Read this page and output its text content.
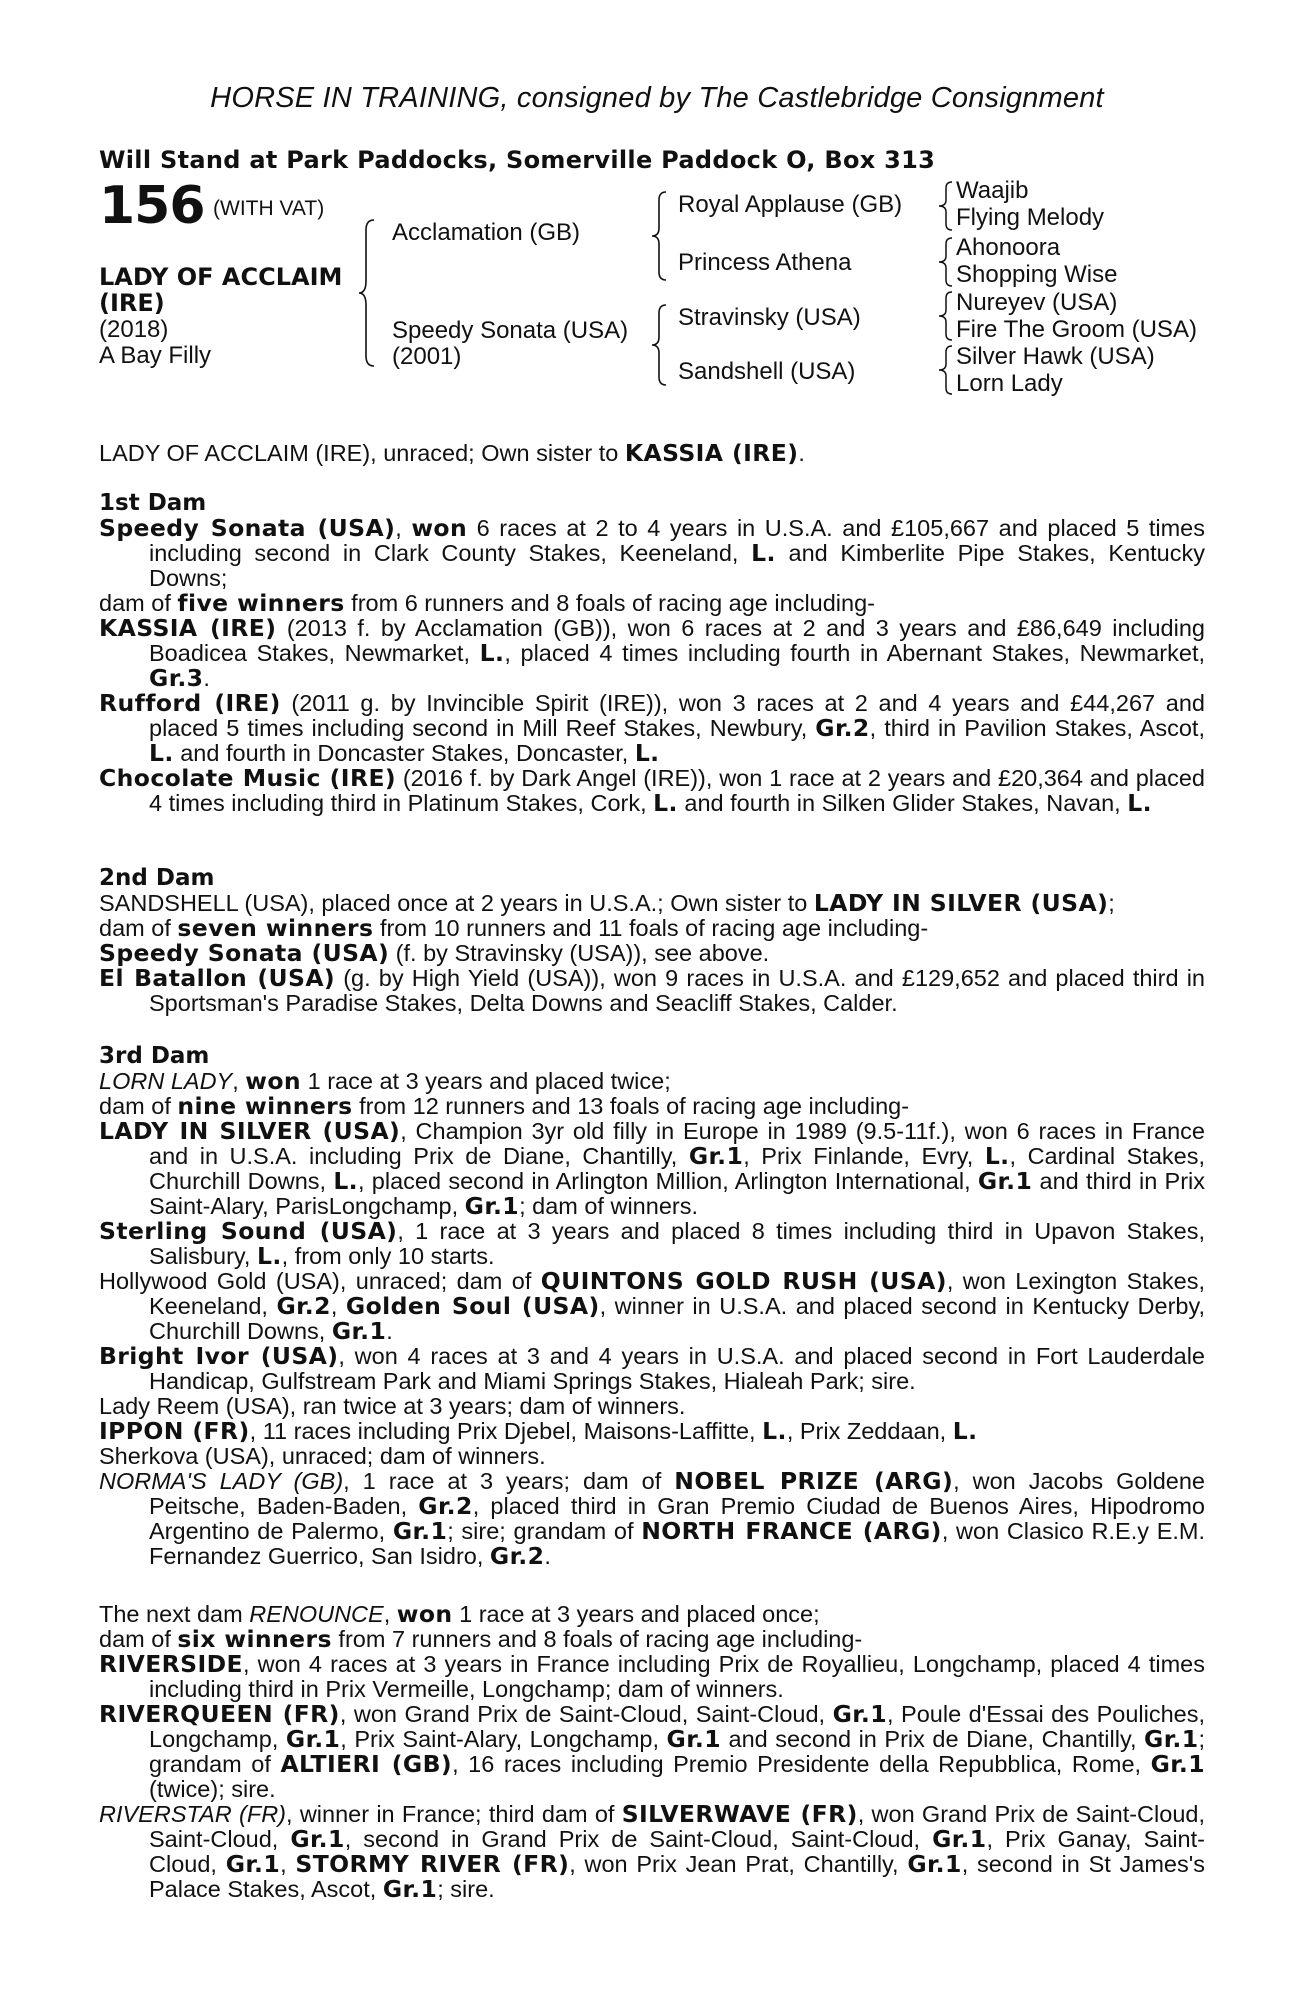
HORSE IN TRAINING, consigned by The Castlebridge Consignment
Will Stand at Park Paddocks, Somerville Paddock O, Box 313
156 (WITH VAT)
LADY OF ACCLAIM
(IRE)
(2018)
A Bay Filly
Acclamation (GB)
Speedy Sonata (USA)
(2001)
Royal Applause (GB)
Princess Athena
Stravinsky (USA)
Sandshell (USA)
Waajib
Flying Melody
Ahonoora
Shopping Wise
Nureyev (USA)
Fire The Groom (USA)
Silver Hawk (USA)
Lorn Lady

LADY OF ACCLAIM (IRE), unraced; Own sister to KASSIA (IRE).

1st Dam

Speedy Sonata (USA), won 6 races at 2 to 4 years in U.S.A. and £105,667 and placed 5 times including second in Clark County Stakes, Keeneland, L. and Kimberlite Pipe Stakes, Kentucky Downs;

dam of five winners from 6 runners and 8 foals of racing age including-

KASSIA (IRE) (2013 f. by Acclamation (GB)), won 6 races at 2 and 3 years and £86,649 including Boadicea Stakes, Newmarket, L., placed 4 times including fourth in Abernant Stakes, Newmarket, Gr.3.

Rufford (IRE) (2011 g. by Invincible Spirit (IRE)), won 3 races at 2 and 4 years and £44,267 and placed 5 times including second in Mill Reef Stakes, Newbury, Gr.2, third in Pavilion Stakes, Ascot, L. and fourth in Doncaster Stakes, Doncaster, L.

Chocolate Music (IRE) (2016 f. by Dark Angel (IRE)), won 1 race at 2 years and £20,364 and placed 4 times including third in Platinum Stakes, Cork, L. and fourth in Silken Glider Stakes, Navan, L.

2nd Dam

SANDSHELL (USA), placed once at 2 years in U.S.A.; Own sister to LADY IN SILVER (USA);

dam of seven winners from 10 runners and 11 foals of racing age including-

Speedy Sonata (USA) (f. by Stravinsky (USA)), see above.

El Batallon (USA) (g. by High Yield (USA)), won 9 races in U.S.A. and £129,652 and placed third in Sportsman's Paradise Stakes, Delta Downs and Seacliff Stakes, Calder.

3rd Dam

LORN LADY, won 1 race at 3 years and placed twice;

dam of nine winners from 12 runners and 13 foals of racing age including-

LADY IN SILVER (USA), Champion 3yr old filly in Europe in 1989 (9.5-11f.), won 6 races in France and in U.S.A. including Prix de Diane, Chantilly, Gr.1, Prix Finlande, Evry, L., Cardinal Stakes, Churchill Downs, L., placed second in Arlington Million, Arlington International, Gr.1 and third in Prix Saint-Alary, ParisLongchamp, Gr.1; dam of winners.

Sterling Sound (USA), 1 race at 3 years and placed 8 times including third in Upavon Stakes, Salisbury, L., from only 10 starts.

Hollywood Gold (USA), unraced; dam of QUINTONS GOLD RUSH (USA), won Lexington Stakes, Keeneland, Gr.2, Golden Soul (USA), winner in U.S.A. and placed second in Kentucky Derby, Churchill Downs, Gr.1.

Bright Ivor (USA), won 4 races at 3 and 4 years in U.S.A. and placed second in Fort Lauderdale Handicap, Gulfstream Park and Miami Springs Stakes, Hialeah Park; sire.

Lady Reem (USA), ran twice at 3 years; dam of winners.

IPPON (FR), 11 races including Prix Djebel, Maisons-Laffitte, L., Prix Zeddaan, L.

Sherkova (USA), unraced; dam of winners.

NORMA'S LADY (GB), 1 race at 3 years; dam of NOBEL PRIZE (ARG), won Jacobs Goldene Peitsche, Baden-Baden, Gr.2, placed third in Gran Premio Ciudad de Buenos Aires, Hipodromo Argentino de Palermo, Gr.1; sire; grandam of NORTH FRANCE (ARG), won Clasico R.E.y E.M. Fernandez Guerrico, San Isidro, Gr.2.

The next dam RENOUNCE, won 1 race at 3 years and placed once;

dam of six winners from 7 runners and 8 foals of racing age including-

RIVERSIDE, won 4 races at 3 years in France including Prix de Royallieu, Longchamp, placed 4 times including third in Prix Vermeille, Longchamp; dam of winners.

RIVERQUEEN (FR), won Grand Prix de Saint-Cloud, Saint-Cloud, Gr.1, Poule d'Essai des Pouliches, Longchamp, Gr.1, Prix Saint-Alary, Longchamp, Gr.1 and second in Prix de Diane, Chantilly, Gr.1; grandam of ALTIERI (GB), 16 races including Premio Presidente della Repubblica, Rome, Gr.1 (twice); sire.

RIVERSTAR (FR), winner in France; third dam of SILVERWAVE (FR), won Grand Prix de Saint-Cloud, Saint-Cloud, Gr.1, second in Grand Prix de Saint-Cloud, Saint-Cloud, Gr.1, Prix Ganay, Saint-Cloud, Gr.1, STORMY RIVER (FR), won Prix Jean Prat, Chantilly, Gr.1, second in St James's Palace Stakes, Ascot, Gr.1; sire.
